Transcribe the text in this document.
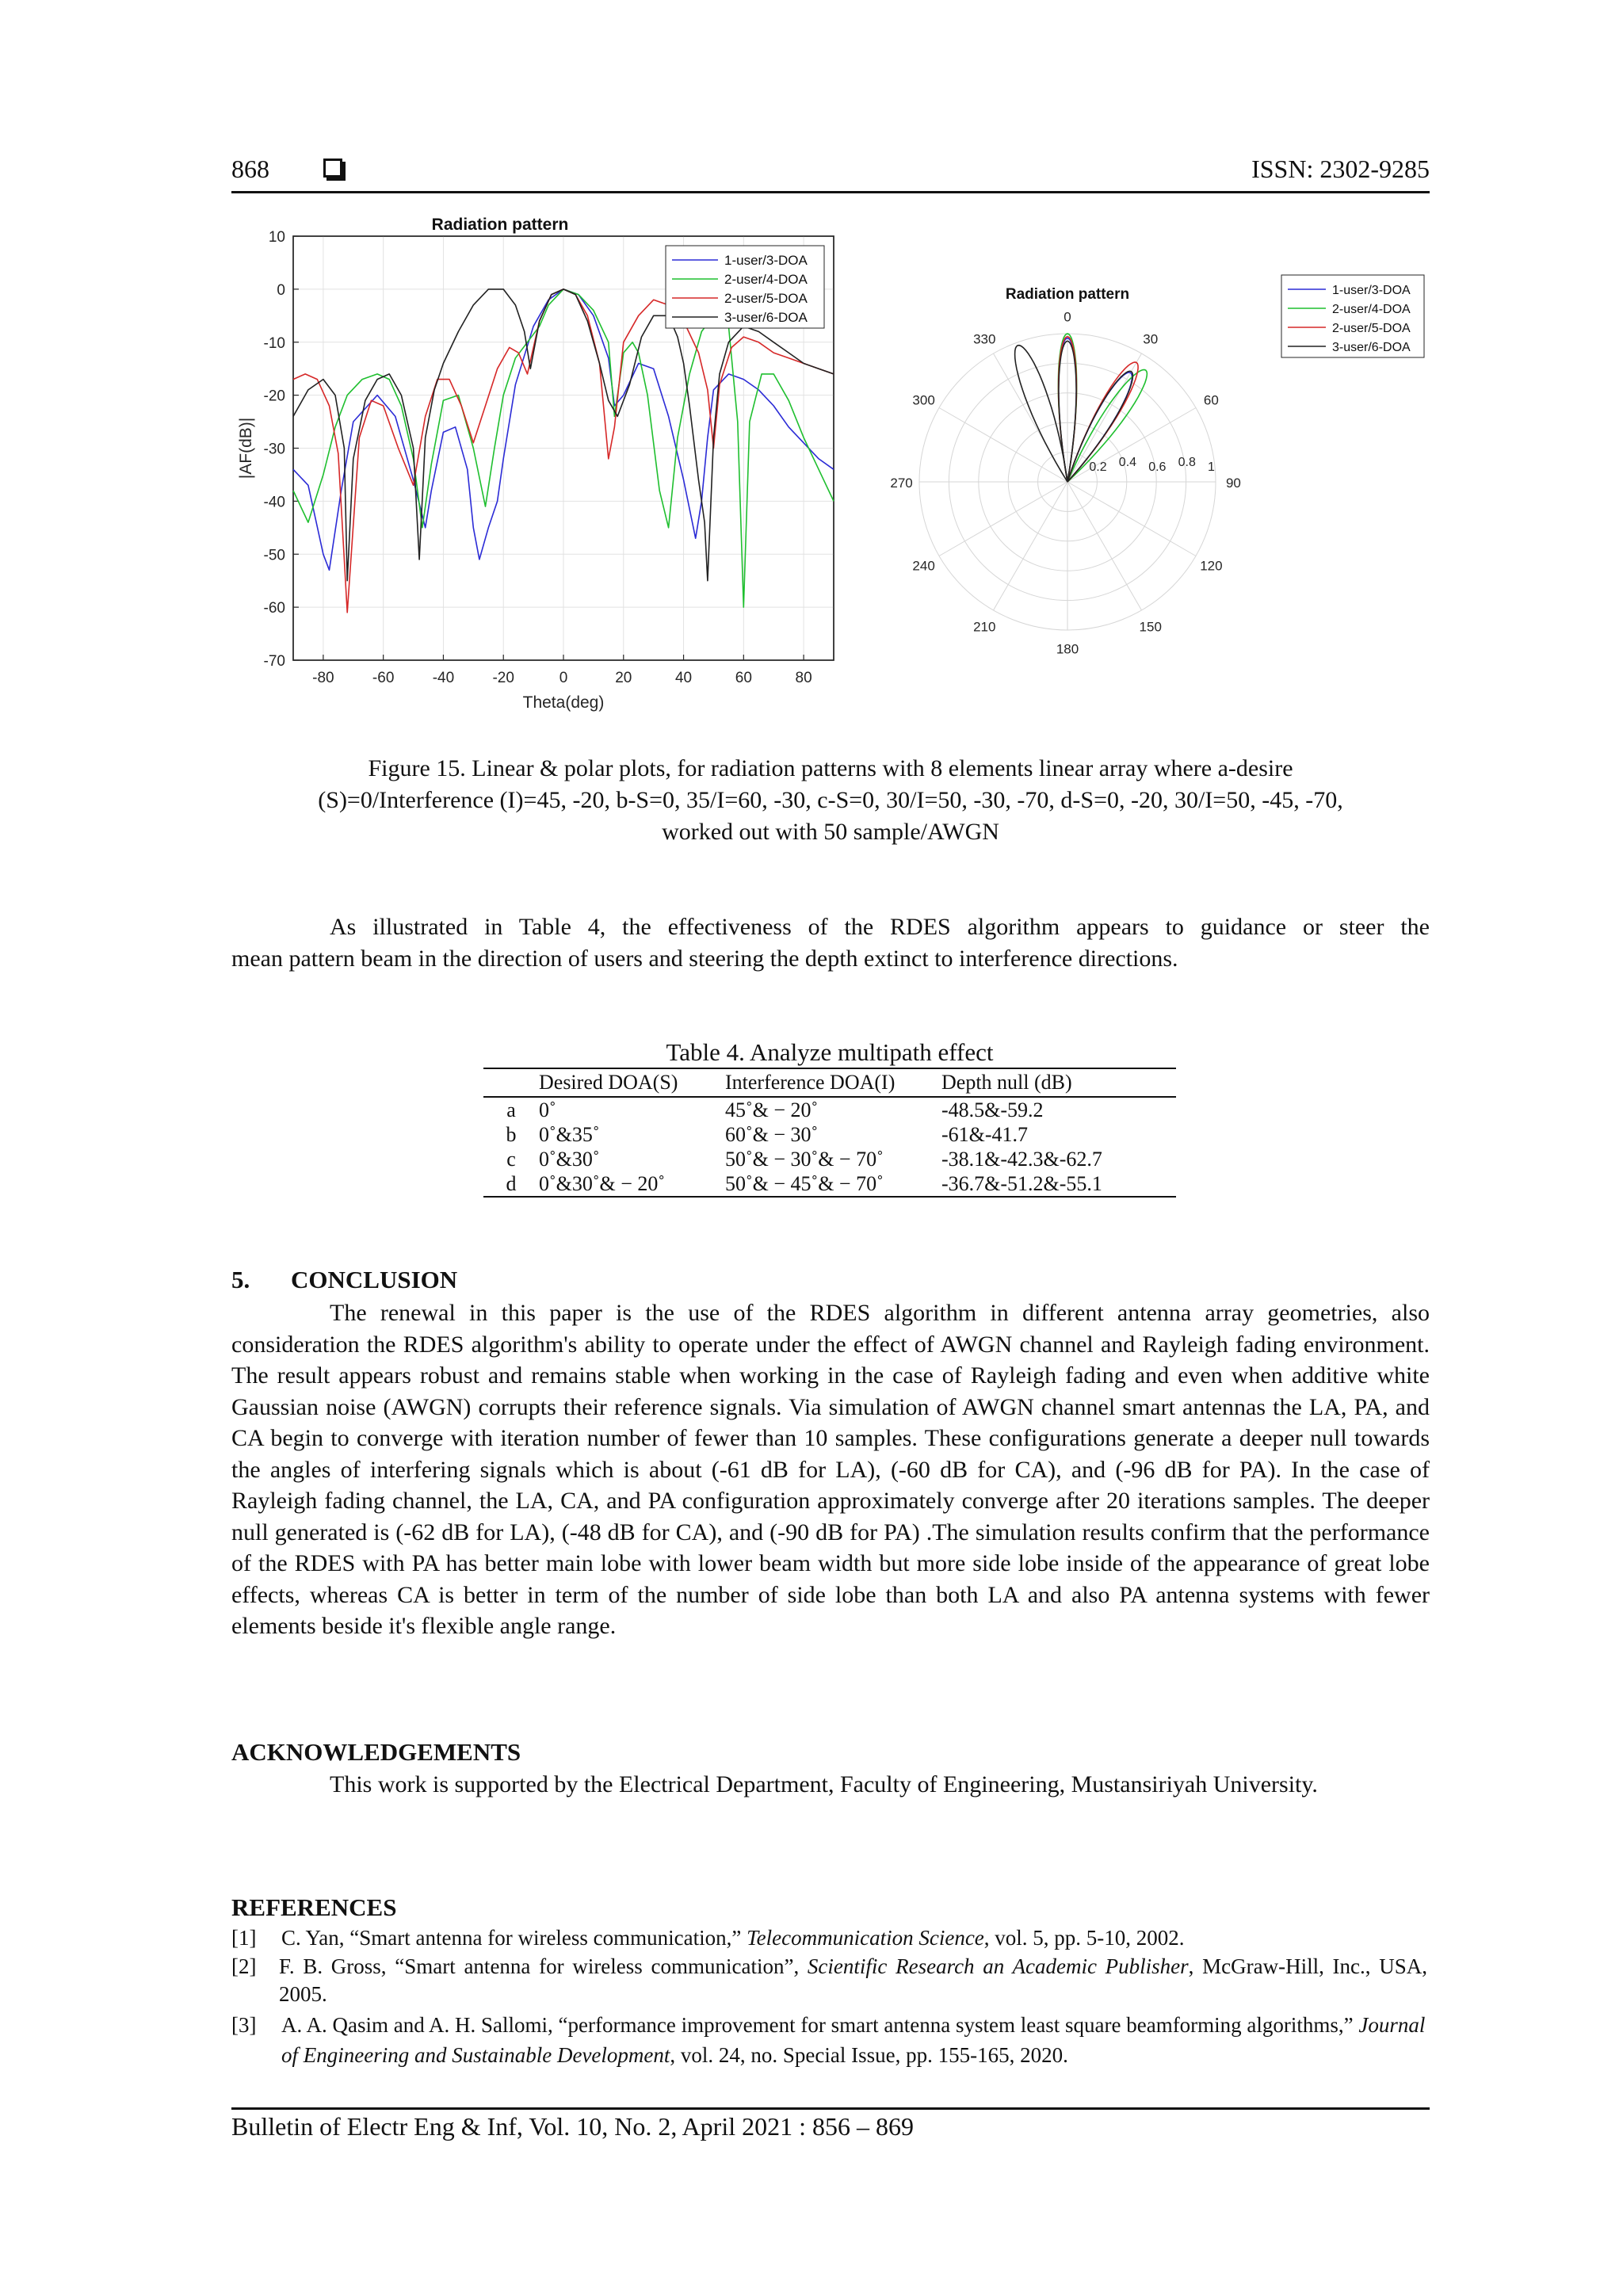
868	ISSN: 2302-9285
-80	-60	-40	-20	0	20	40	60	80
10
0
-10
-20
-30
-40
-50
-60
-70
Radiation pattern
Theta(deg)
|AF(dB)|
1-user/3-DOA
2-user/4-DOA
2-user/5-DOA
3-user/6-DOA
Radiation pattern
0
30
60
90
120
150
180
210
240
270
300
330
0.2 0.4 0.6 0.8 1
1-user/3-DOA
2-user/4-DOA
2-user/5-DOA
3-user/6-DOA
Figure 15. Linear & polar plots, for radiation patterns with 8 elements linear array where a-desire
(S)=0/Interference (I)=45, -20, b-S=0, 35/I=60, -30, c-S=0, 30/I=50, -30, -70, d-S=0, -20, 30/I=50, -45, -70,
worked out with 50 sample/AWGN
As illustrated in Table 4, the effectiveness of the RDES algorithm appears to guidance or steer the
mean pattern beam in the direction of users and steering the depth extinct to interference directions.
Table 4. Analyze multipath effect
	Desired DOA(S)	Interference DOA(I)	Depth null (dB)
a	0˚	45˚& − 20˚	-48.5&-59.2
b	0˚&35˚	60˚& − 30˚	-61&-41.7
c	0˚&30˚	50˚& − 30˚& − 70˚	-38.1&-42.3&-62.7
d	0˚&30˚& − 20˚	50˚& − 45˚& − 70˚	-36.7&-51.2&-55.1
5. CONCLUSION
The renewal in this paper is the use of the RDES algorithm in different antenna array geometries, also consideration the RDES algorithm's ability to operate under the effect of AWGN channel and Rayleigh fading environment. The result appears robust and remains stable when working in the case of Rayleigh fading and even when additive white Gaussian noise (AWGN) corrupts their reference signals. Via simulation of AWGN channel smart antennas the LA, PA, and CA begin to converge with iteration number of fewer than 10 samples. These configurations generate a deeper null towards the angles of interfering signals which is about (-61 dB for LA), (-60 dB for CA), and (-96 dB for PA). In the case of Rayleigh fading channel, the LA, CA, and PA configuration approximately converge after 20 iterations samples. The deeper null generated is (-62 dB for LA), (-48 dB for CA), and (-90 dB for PA) .The simulation results confirm that the performance of the RDES with PA has better main lobe with lower beam width but more side lobe inside of the appearance of great lobe effects, whereas CA is better in term of the number of side lobe than both LA and also PA antenna systems with fewer elements beside it's flexible angle range.
ACKNOWLEDGEMENTS
This work is supported by the Electrical Department, Faculty of Engineering, Mustansiriyah University.
REFERENCES
[1] C. Yan, “Smart antenna for wireless communication,” Telecommunication Science, vol. 5, pp. 5-10, 2002.
[2] F. B. Gross, “Smart antenna for wireless communication”, Scientific Research an Academic Publisher, McGraw-Hill, Inc., USA, 2005.
[3] A. A. Qasim and A. H. Sallomi, “performance improvement for smart antenna system least square beamforming algorithms,” Journal of Engineering and Sustainable Development, vol. 24, no. Special Issue, pp. 155-165, 2020.
Bulletin of Electr Eng & Inf, Vol. 10, No. 2, April 2021 : 856 – 869
